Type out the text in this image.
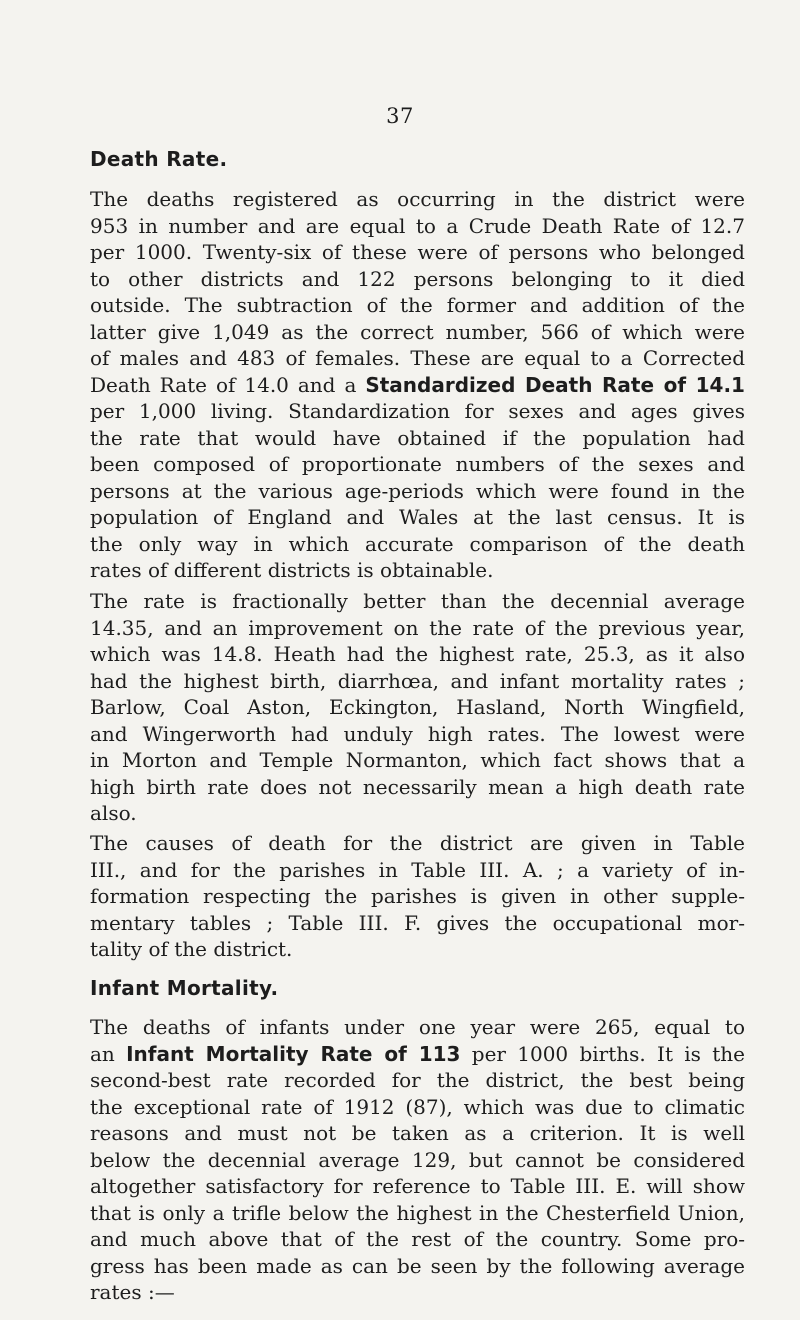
37
Death Rate.
The deaths registered as occurring in the district were
953 in number and are equal to a Crude Death Rate of 12.7
per 1000. Twenty-six of these were of persons who belonged
to other districts and 122 persons belonging to it died
outside. The subtraction of the former and addition of the
latter give 1,049 as the correct number, 566 of which were
of males and 483 of females. These are equal to a Corrected
Death Rate of 14.0 and a Standardized Death Rate of 14.1
per 1,000 living. Standardization for sexes and ages gives
the rate that would have obtained if the population had
been composed of proportionate numbers of the sexes and
persons at the various age-periods which were found in the
population of England and Wales at the last census. It is
the only way in which accurate comparison of the death
rates of different districts is obtainable.
The rate is fractionally better than the decennial average
14.35, and an improvement on the rate of the previous year,
which was 14.8. Heath had the highest rate, 25.3, as it also
had the highest birth, diarrhœa, and infant mortality rates ;
Barlow, Coal Aston, Eckington, Hasland, North Wingfield,
and Wingerworth had unduly high rates. The lowest were
in Morton and Temple Normanton, which fact shows that a
high birth rate does not necessarily mean a high death rate
also.
The causes of death for the district are given in Table
III., and for the parishes in Table III. A. ; a variety of in-
formation respecting the parishes is given in other supple-
mentary tables ; Table III. F. gives the occupational mor-
tality of the district.
Infant Mortality.
The deaths of infants under one year were 265, equal to
an Infant Mortality Rate of 113 per 1000 births. It is the
second-best rate recorded for the district, the best being
the exceptional rate of 1912 (87), which was due to climatic
reasons and must not be taken as a criterion. It is well
below the decennial average 129, but cannot be considered
altogether satisfactory for reference to Table III. E. will show
that is only a trifle below the highest in the Chesterfield Union,
and much above that of the rest of the country. Some pro-
gress has been made as can be seen by the following average
rates :—
